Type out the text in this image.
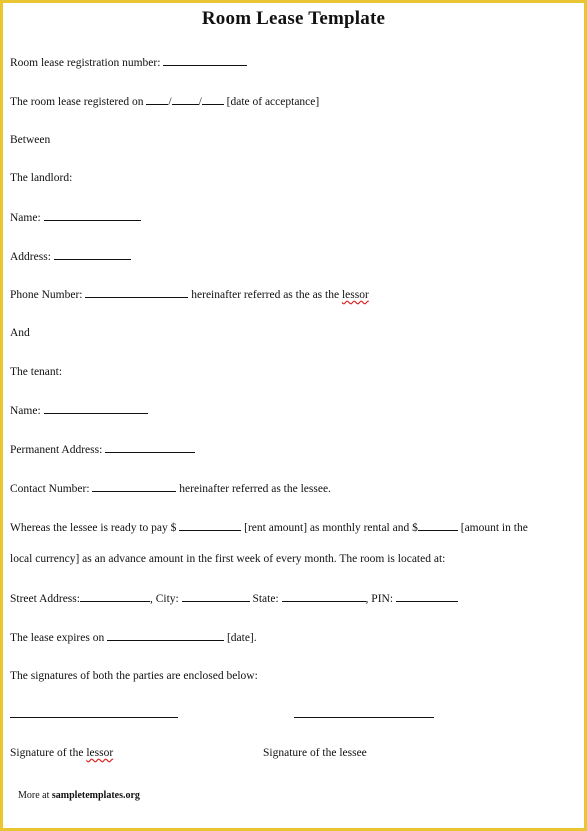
Room Lease Template
Room lease registration number:
The room lease registered on / / [date of acceptance]
Between
The landlord:
Name:
Address:
Phone Number:	hereinafter referred as the as the lessor
And
The tenant:
Name:
Permanent Address:
Contact Number:	hereinafter referred as the lessee.
Whereas the lessee is ready to pay $	[rent amount] as monthly rental and $	[amount in the
local currency] as an advance amount in the first week of every month. The room is located at:
Street Address:	, City:	State:	, PIN:
The lease expires on	[date].
The signatures of both the parties are enclosed below:
Signature of the lessor	Signature of the lessee
More at sampletemplates.org
